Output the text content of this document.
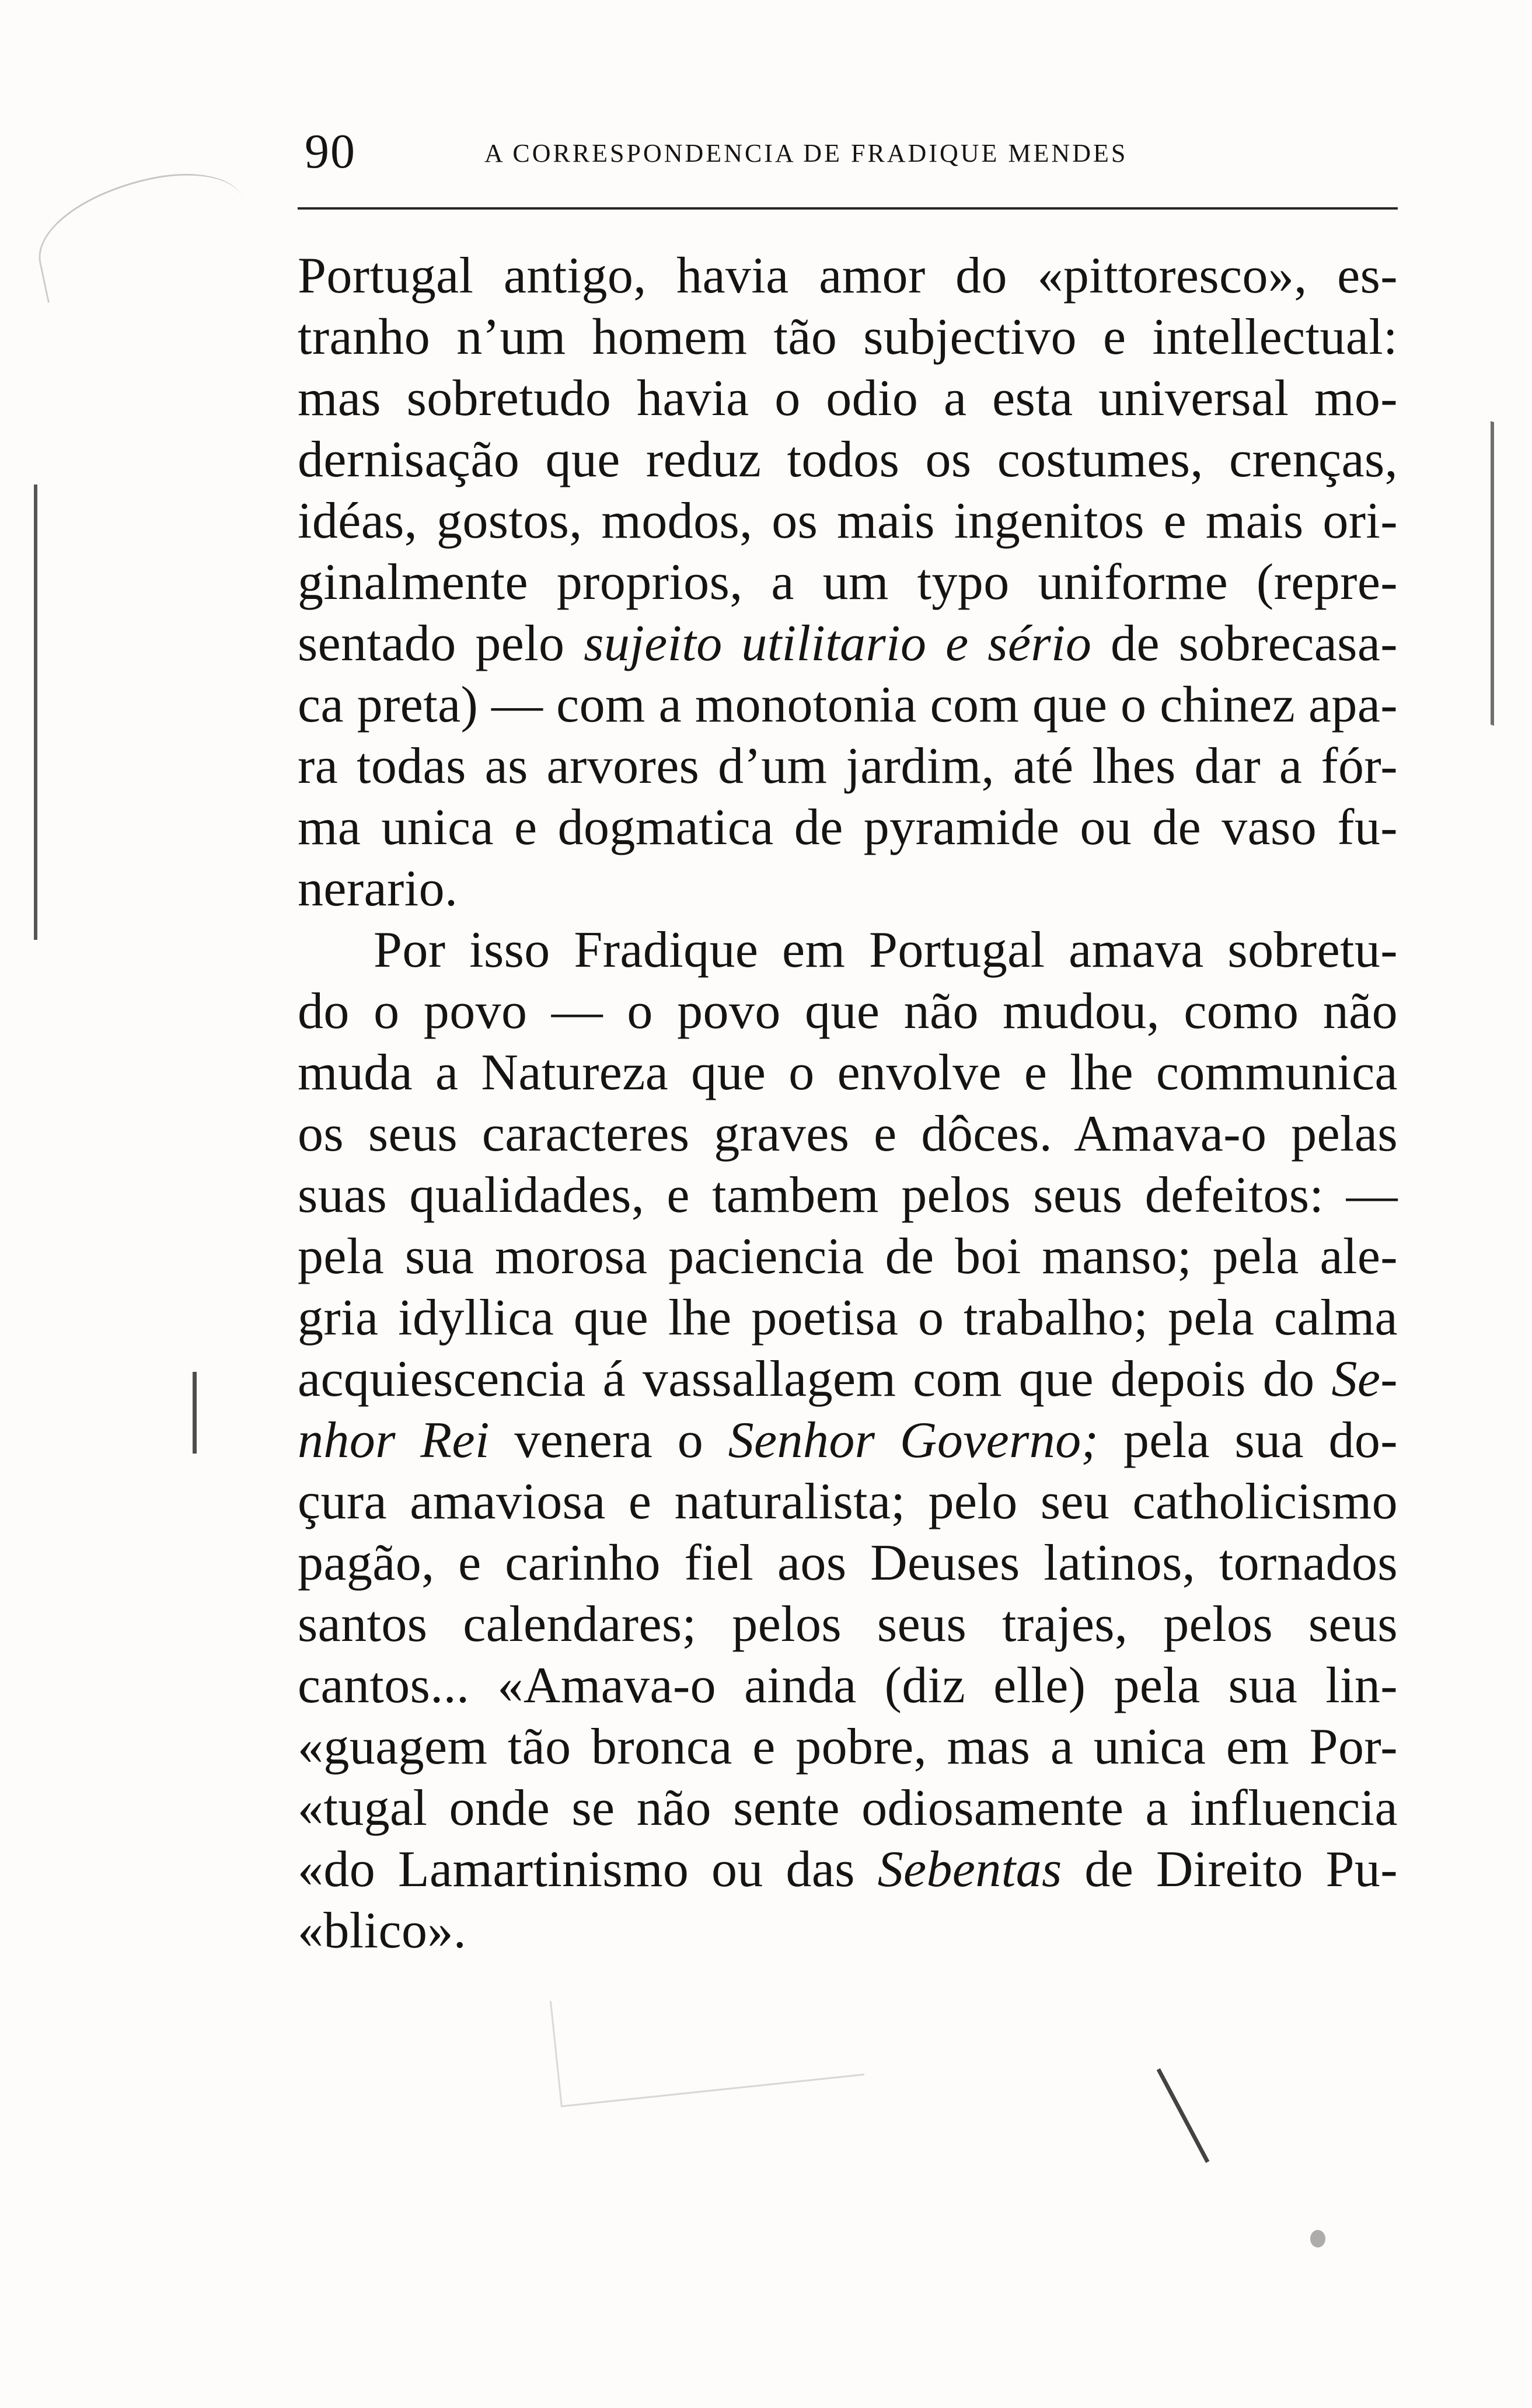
90	A CORRESPONDENCIA DE FRADIQUE MENDES
Portugal antigo, havia amor do «pittoresco», es-
tranho n’um homem tão subjectivo e intellectual:
mas sobretudo havia o odio a esta universal mo-
dernisação que reduz todos os costumes, crenças,
idéas, gostos, modos, os mais ingenitos e mais ori-
ginalmente proprios, a um typo uniforme (repre-
sentado pelo sujeito utilitario e sério de sobrecasa-
ca preta) — com a monotonia com que o chinez apa-
ra todas as arvores d’um jardim, até lhes dar a fór-
ma unica e dogmatica de pyramide ou de vaso fu-
nerario.
Por isso Fradique em Portugal amava sobretu-
do o povo — o povo que não mudou, como não
muda a Natureza que o envolve e lhe communica
os seus caracteres graves e dôces. Amava-o pelas
suas qualidades, e tambem pelos seus defeitos: —
pela sua morosa paciencia de boi manso; pela ale-
gria idyllica que lhe poetisa o trabalho; pela calma
acquiescencia á vassallagem com que depois do Se-
nhor Rei venera o Senhor Governo; pela sua do-
çura amaviosa e naturalista; pelo seu catholicismo
pagão, e carinho fiel aos Deuses latinos, tornados
santos calendares; pelos seus trajes, pelos seus
cantos... «Amava-o ainda (diz elle) pela sua lin-
«guagem tão bronca e pobre, mas a unica em Por-
«tugal onde se não sente odiosamente a influencia
«do Lamartinismo ou das Sebentas de Direito Pu-
«blico».
